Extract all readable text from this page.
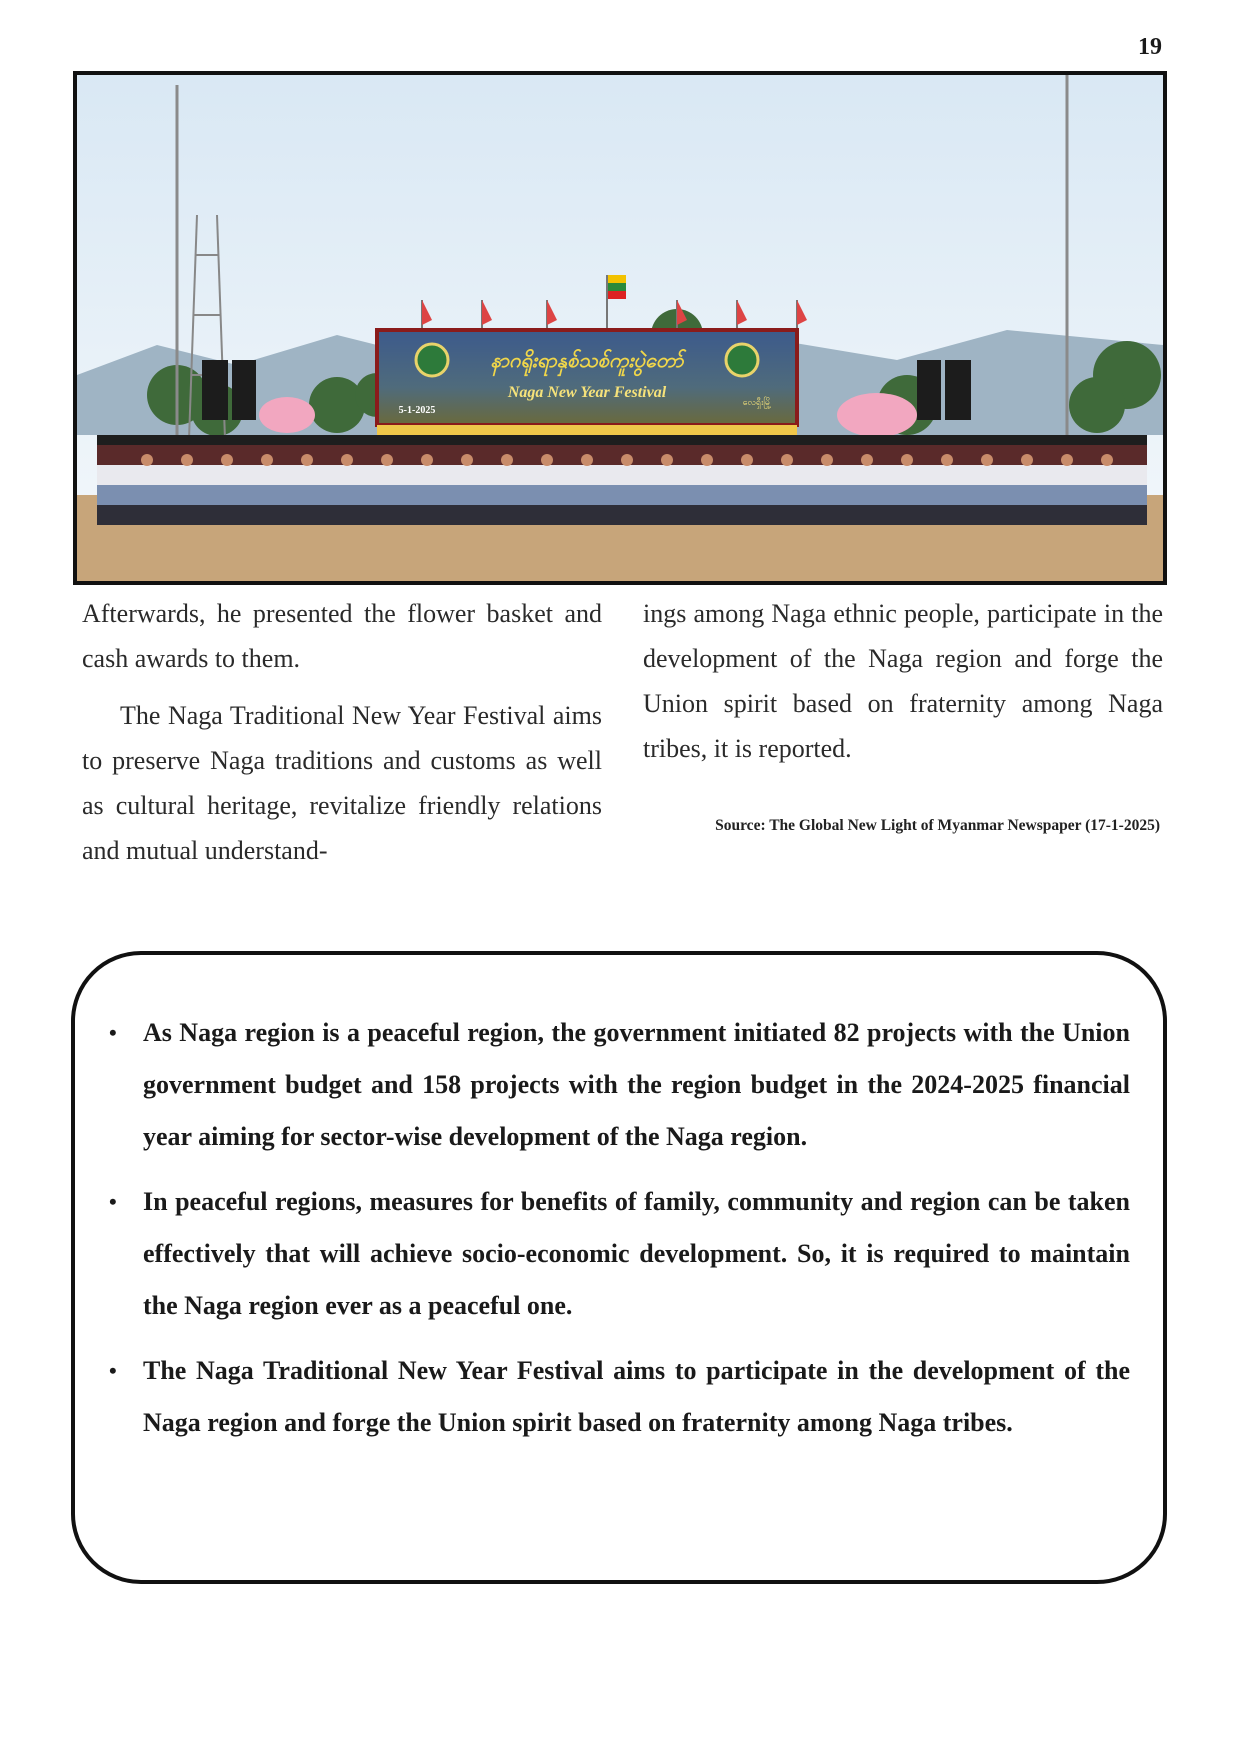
19
နာဂရိုးရာနှစ်သစ်ကူးပွဲတော်
Naga New Year Festival
5-1-2025
လေရှီးမြို့

Afterwards, he presented the flower basket and cash awards to them.

The Naga Traditional New Year Festival aims to preserve Naga traditions and customs as well as cultural heritage, revitalize friendly relations and mutual understand-

ings among Naga ethnic people, participate in the development of the Naga region and forge the Union spirit based on fraternity among Naga tribes, it is reported.

Source: The Global New Light of Myanmar Newspaper (17-1-2025)
• As Naga region is a peaceful region, the government initiated 82 projects with the Union government budget and 158 projects with the region budget in the 2024-2025 financial year aiming for sector-wise development of the Naga region.
• In peaceful regions, measures for benefits of family, community and region can be taken effectively that will achieve socio-economic development. So, it is required to maintain the Naga region ever as a peaceful one.
• The Naga Traditional New Year Festival aims to participate in the development of the Naga region and forge the Union spirit based on fraternity among Naga tribes.
